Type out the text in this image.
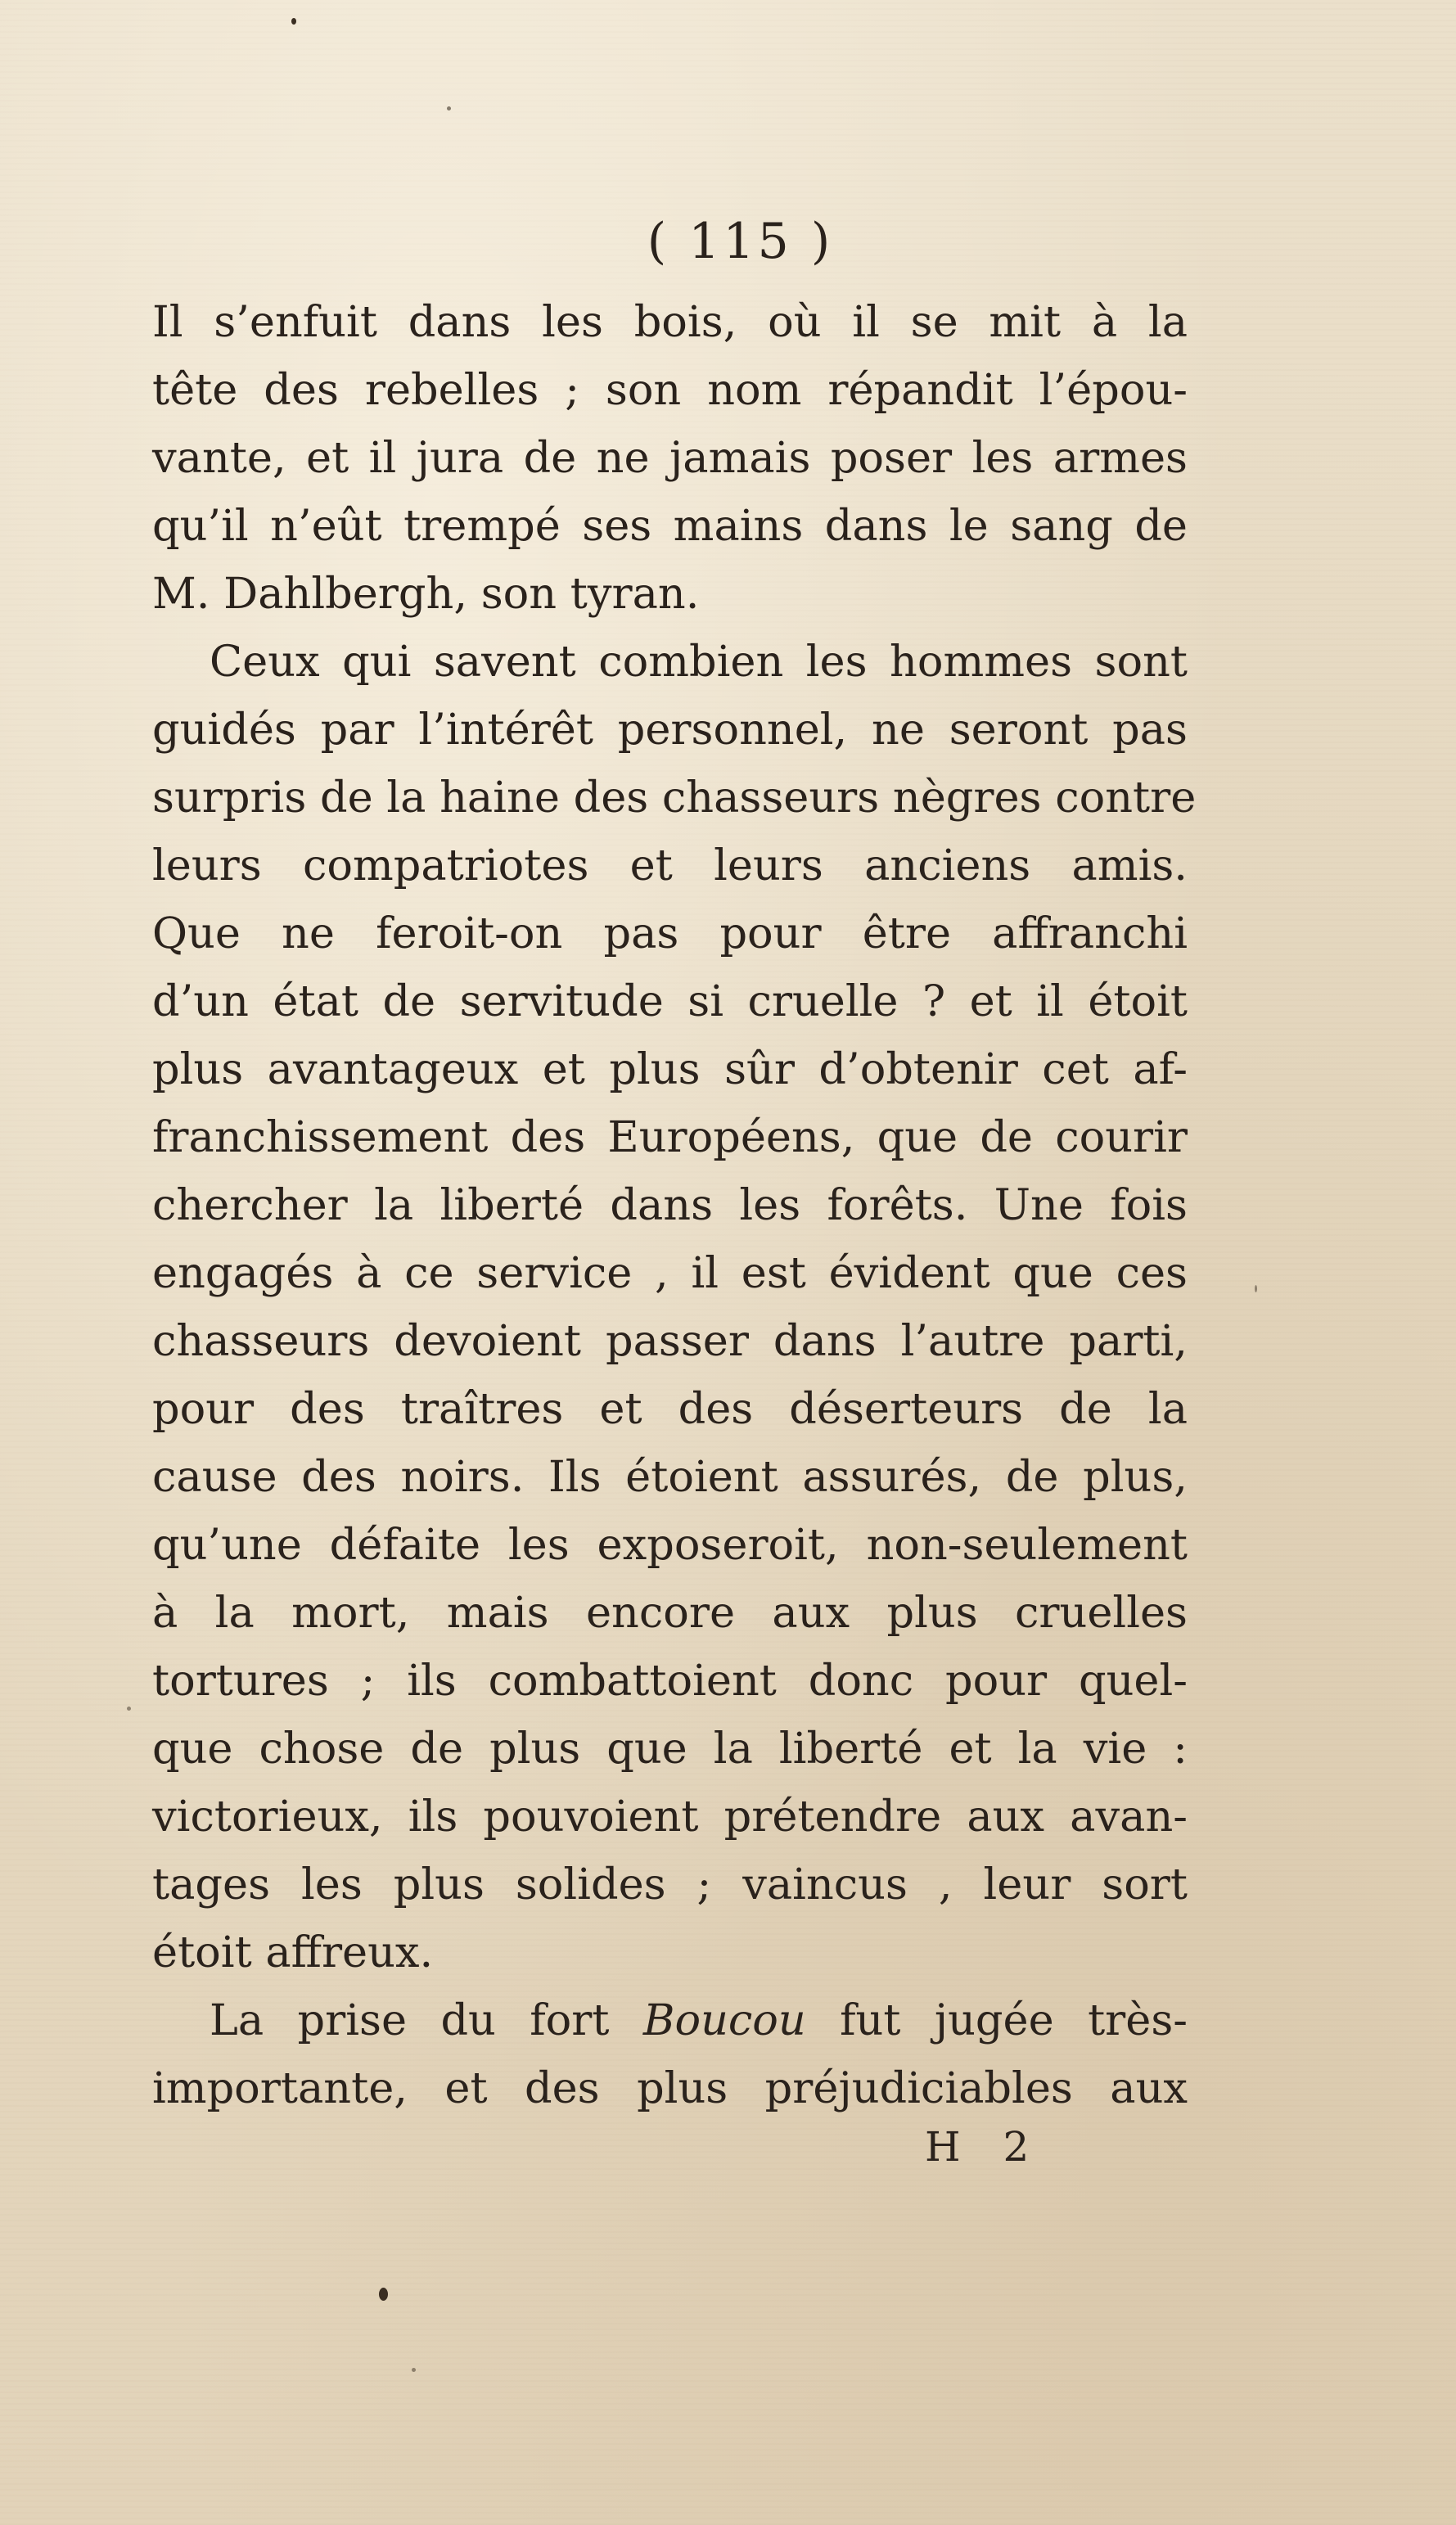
( 115 )

Il s’enfuit dans les bois, où il se mit à la
tête des rebelles ; son nom répandit l’épou-
vante, et il jura de ne jamais poser les armes
qu’il n’eût trempé ses mains dans le sang de
M. Dahlbergh, son tyran.
Ceux qui savent combien les hommes sont
guidés par l’intérêt personnel, ne seront pas
surpris de la haine des chasseurs nègres contre
leurs compatriotes et leurs anciens amis.
Que ne feroit-on pas pour être affranchi
d’un état de servitude si cruelle ? et il étoit
plus avantageux et plus sûr d’obtenir cet af-
franchissement des Européens, que de courir
chercher la liberté dans les forêts. Une fois
engagés à ce service , il est évident que ces
chasseurs devoient passer dans l’autre parti,
pour des traîtres et des déserteurs de la
cause des noirs. Ils étoient assurés, de plus,
qu’une défaite les exposeroit, non-seulement
à la mort, mais encore aux plus cruelles
tortures ; ils combattoient donc pour quel-
que chose de plus que la liberté et la vie :
victorieux, ils pouvoient prétendre aux avan-
tages les plus solides ; vaincus , leur sort
étoit affreux.
La prise du fort Boucou fut jugée très-
importante, et des plus préjudiciables aux

H 2
